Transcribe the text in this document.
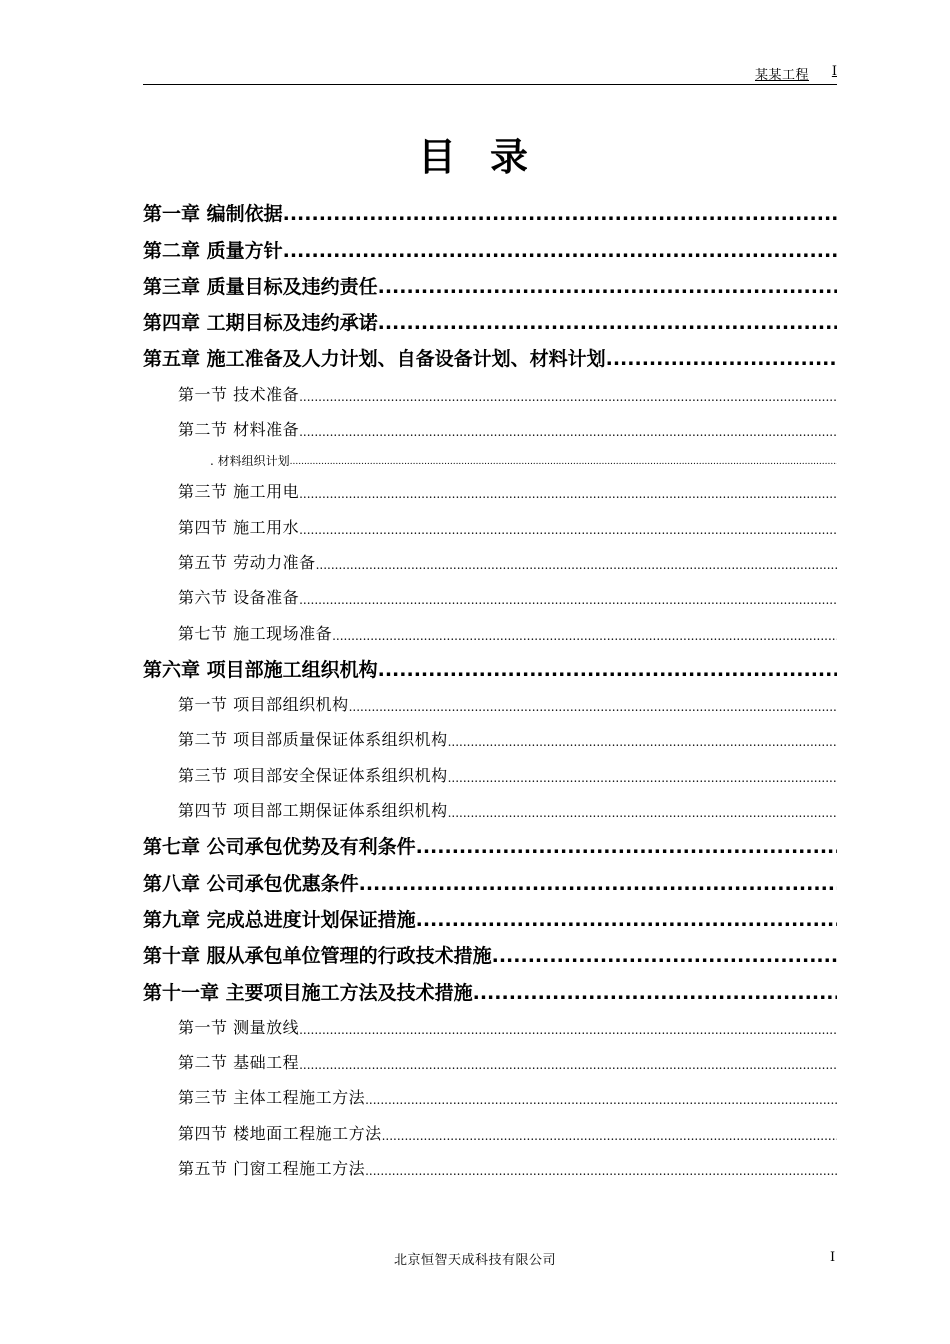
某某工程 I
目录
第一章 编制依据
.....
第二章 质量方针
.....
第三章 质量目标及违约责任
.....
第四章 工期目标及违约承诺
.....
第五章 施工准备及人力计划、自备设备计划、材料计划
.....
第一节 技术准备
.....
第二节 材料准备
.....
. 材料组织计划
.....
第三节 施工用电
.....
第四节 施工用水
.....
第五节 劳动力准备
.....
第六节 设备准备
.....
第七节 施工现场准备
.....
第六章 项目部施工组织机构
.....
第一节 项目部组织机构
.....
第二节 项目部质量保证体系组织机构
.....
第三节 项目部安全保证体系组织机构
.....
第四节 项目部工期保证体系组织机构
.....
第七章 公司承包优势及有利条件
.....
第八章 公司承包优惠条件
.....
第九章 完成总进度计划保证措施
.....
第十章 服从承包单位管理的行政技术措施
.....
第十一章 主要项目施工方法及技术措施
.....
第一节 测量放线
.....
第二节 基础工程
.....
第三节 主体工程施工方法
.....
第四节 楼地面工程施工方法
.....
第五节 门窗工程施工方法
.....
北京恒智天成科技有限公司	I
